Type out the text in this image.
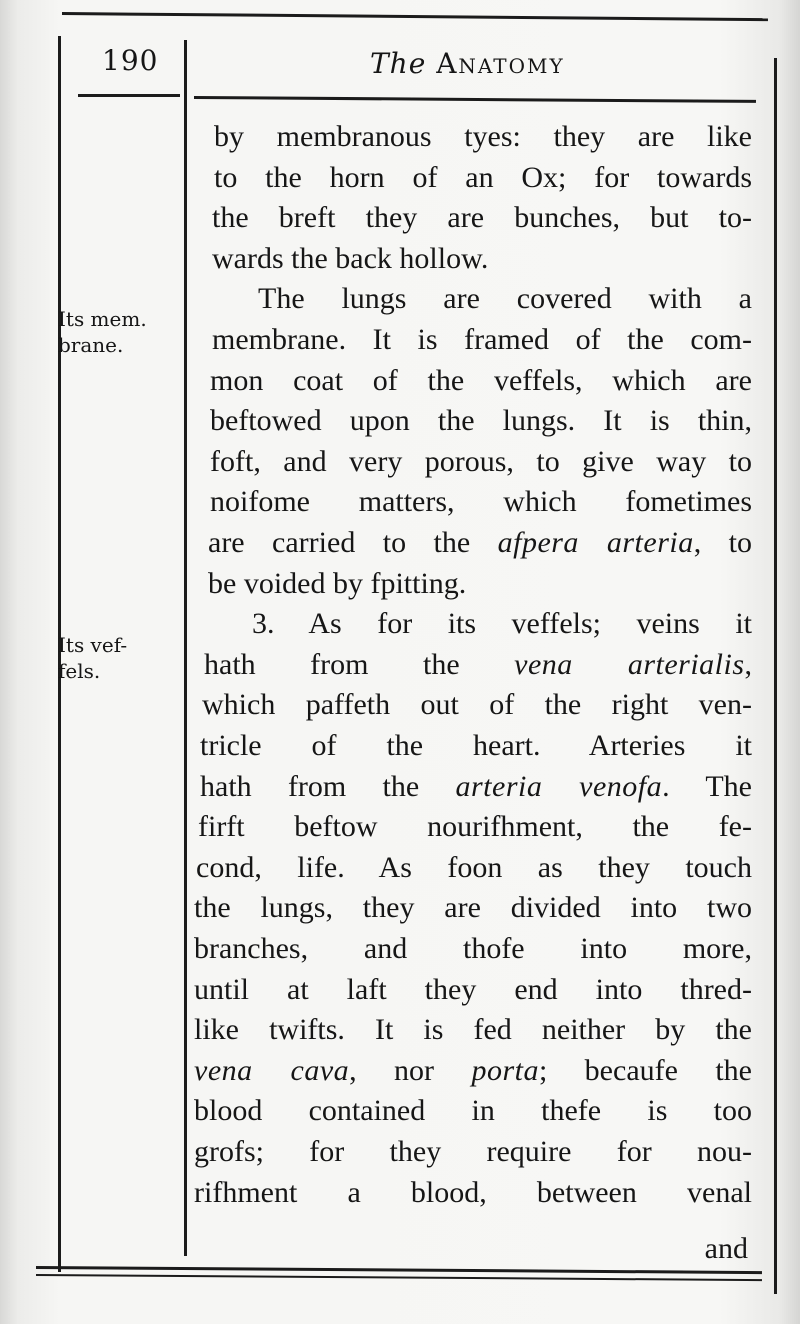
190	The Anatomy
Its mem.
brane.
Its vef-
fels.
by membranous tyes: they are like
to the horn of an Ox; for towards
the breft they are bunches, but to-
wards the back hollow.
The lungs are covered with a
membrane. It is framed of the com-
mon coat of the veffels, which are
beftowed upon the lungs. It is thin,
foft, and very porous, to give way to
noifome matters, which fometimes
are carried to the afpera arteria, to
be voided by fpitting.
3. As for its veffels; veins it
hath from the vena arterialis,
which paffeth out of the right ven-
tricle of the heart. Arteries it
hath from the arteria venofa. The
firft beftow nourifhment, the fe-
cond, life. As foon as they touch
the lungs, they are divided into two
branches, and thofe into more,
until at laft they end into thred-
like twifts. It is fed neither by the
vena cava, nor porta; becaufe the
blood contained in thefe is too
grofs; for they require for nou-
rifhment a blood, between venal
and
